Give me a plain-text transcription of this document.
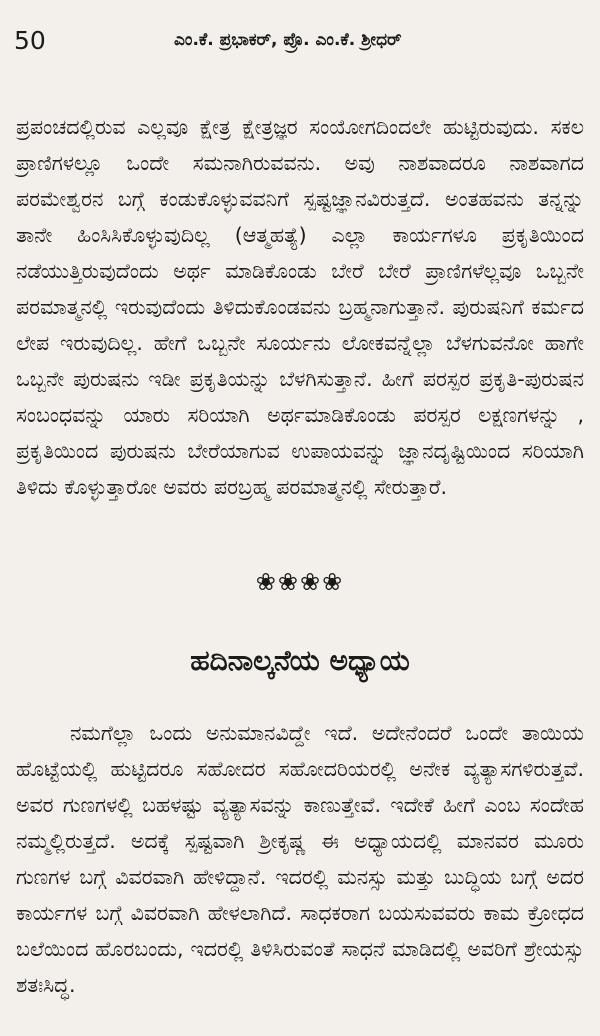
50	ಎಂ.ಕೆ. ಪ್ರಭಾಕರ್, ಪ್ರೊ. ಎಂ.ಕೆ. ಶ್ರೀಧರ್

ಪ್ರಪಂಚದಲ್ಲಿರುವ ಎಲ್ಲವೂ ಕ್ಷೇತ್ರ ಕ್ಷೇತ್ರಜ್ಞರ ಸಂಯೋಗದಿಂದಲೇ ಹುಟ್ಟಿರುವುದು. ಸಕಲ ಪ್ರಾಣಿಗಳಲ್ಲೂ ಒಂದೇ ಸಮನಾಗಿರುವವನು. ಅವು ನಾಶವಾದರೂ ನಾಶವಾಗದ ಪರಮೇಶ್ವರನ ಬಗ್ಗೆ ಕಂಡುಕೊಳ್ಳುವವನಿಗೆ ಸ್ಪಷ್ಟಜ್ಞಾನವಿರುತ್ತದೆ. ಅಂತಹವನು ತನ್ನನ್ನು ತಾನೇ ಹಿಂಸಿಸಿಕೊಳ್ಳುವುದಿಲ್ಲ (ಆತ್ಮಹತ್ಯೆ) ಎಲ್ಲಾ ಕಾರ್ಯಗಳೂ ಪ್ರಕೃತಿಯಿಂದ ನಡೆಯುತ್ತಿರುವುದೆಂದು ಅರ್ಥ ಮಾಡಿಕೊಂಡು ಬೇರೆ ಬೇರೆ ಪ್ರಾಣಿಗಳೆಲ್ಲವೂ ಒಬ್ಬನೇ ಪರಮಾತ್ಮನಲ್ಲಿ ಇರುವುದೆಂದು ತಿಳಿದುಕೊಂಡವನು ಬ್ರಹ್ಮನಾಗುತ್ತಾನೆ. ಪುರುಷನಿಗೆ ಕರ್ಮದ ಲೇಪ ಇರುವುದಿಲ್ಲ. ಹೇಗೆ ಒಬ್ಬನೇ ಸೂರ್ಯನು ಲೋಕವನ್ನೆಲ್ಲಾ ಬೆಳಗುವನೋ ಹಾಗೇ ಒಬ್ಬನೇ ಪುರುಷನು ಇಡೀ ಪ್ರಕೃತಿಯನ್ನು ಬೆಳಗಿಸುತ್ತಾನೆ. ಹೀಗೆ ಪರಸ್ಪರ ಪ್ರಕೃತಿ-ಪುರುಷನ ಸಂಬಂಧವನ್ನು ಯಾರು ಸರಿಯಾಗಿ ಅರ್ಥಮಾಡಿಕೊಂಡು ಪರಸ್ಪರ ಲಕ್ಷಣಗಳನ್ನು , ಪ್ರಕೃತಿಯಿಂದ ಪುರುಷನು ಬೇರೆಯಾಗುವ ಉಪಾಯವನ್ನು ಜ್ಞಾನದೃಷ್ಟಿಯಿಂದ ಸರಿಯಾಗಿ ತಿಳಿದು ಕೊಳ್ಳುತ್ತಾರೋ ಅವರು ಪರಬ್ರಹ್ಮ ಪರಮಾತ್ಮನಲ್ಲಿ ಸೇರುತ್ತಾರೆ.

❀❀❀❀
ಹದಿನಾಲ್ಕನೆಯ ಅಧ್ಯಾಯ

ನಮಗೆಲ್ಲಾ ಒಂದು ಅನುಮಾನವಿದ್ದೇ ಇದೆ. ಅದೇನೆಂದರೆ ಒಂದೇ ತಾಯಿಯ ಹೊಟ್ಟೆಯಲ್ಲಿ ಹುಟ್ಟಿದರೂ ಸಹೋದರ ಸಹೋದರಿಯರಲ್ಲಿ ಅನೇಕ ವ್ಯತ್ಯಾಸಗಳಿರುತ್ತವೆ. ಅವರ ಗುಣಗಳಲ್ಲಿ ಬಹಳಷ್ಟು ವ್ಯತ್ಯಾಸವನ್ನು ಕಾಣುತ್ತೇವೆ. ಇದೇಕೆ ಹೀಗೆ ಎಂಬ ಸಂದೇಹ ನಮ್ಮಲ್ಲಿರುತ್ತದೆ. ಅದಕ್ಕೆ ಸ್ಪಷ್ಟವಾಗಿ ಶ್ರೀಕೃಷ್ಣ ಈ ಅಧ್ಯಾಯದಲ್ಲಿ ಮಾನವರ ಮೂರು ಗುಣಗಳ ಬಗ್ಗೆ ವಿವರವಾಗಿ ಹೇಳಿದ್ದಾನೆ. ಇದರಲ್ಲಿ ಮನಸ್ಸು ಮತ್ತು ಬುದ್ಧಿಯ ಬಗ್ಗೆ ಅದರ ಕಾರ್ಯಗಳ ಬಗ್ಗೆ ವಿವರವಾಗಿ ಹೇಳಲಾಗಿದೆ. ಸಾಧಕರಾಗ ಬಯಸುವವರು ಕಾಮ ಕ್ರೋಧದ ಬಲೆಯಿಂದ ಹೊರಬಂದು, ಇದರಲ್ಲಿ ತಿಳಿಸಿರುವಂತೆ ಸಾಧನೆ ಮಾಡಿದಲ್ಲಿ ಅವರಿಗೆ ಶ್ರೇಯಸ್ಸು ಶತಃಸಿದ್ಧ.
